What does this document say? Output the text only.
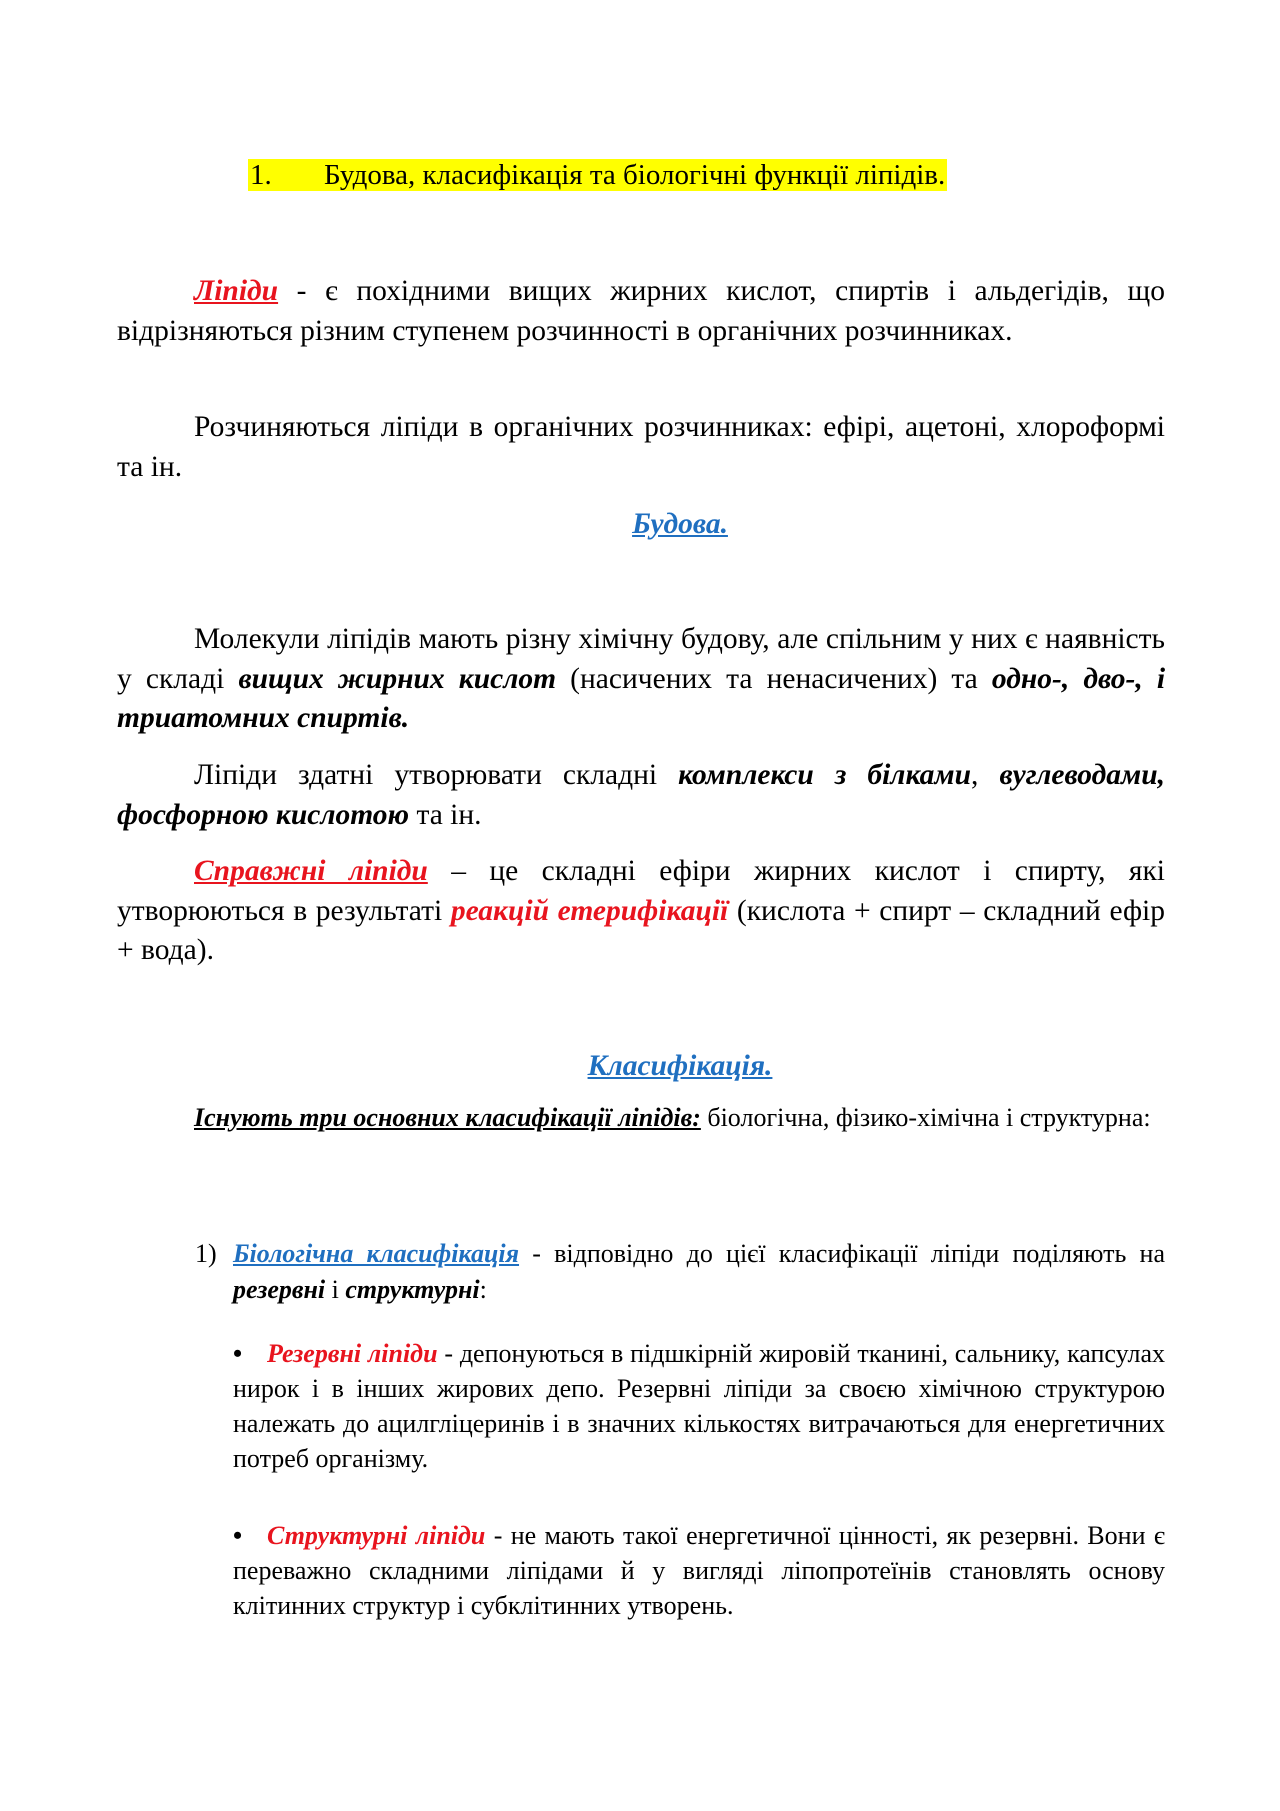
1. Будова, класифікація та біологічні функції ліпідів.
Ліпіди - є похідними вищих жирних кислот, спиртів і альдегідів, що відрізняються різним ступенем розчинності в органічних розчинниках.
Розчиняються ліпіди в органічних розчинниках: ефірі, ацетоні, хлороформі та ін.
Будова.
Молекули ліпідів мають різну хімічну будову, але спільним у них є наявність у складі вищих жирних кислот (насичених та ненасичених) та одно-, дво-, і триатомних спиртів.
Ліпіди здатні утворювати складні комплекси з білками, вуглеводами, фосфорною кислотою та ін.
Справжні ліпіди – це складні ефіри жирних кислот і спирту, які утворюються в результаті реакцій етерифікації (кислота + спирт – складний ефір + вода).
Класифікація.
Існують три основних класифікації ліпідів: біологічна, фізико-хімічна і структурна:
1) Біологічна класифікація - відповідно до цієї класифікації ліпіди поділяють на резервні і структурні:
• Резервні ліпіди - депонуються в підшкірній жировій тканині, сальнику, капсулах нирок і в інших жирових депо. Резервні ліпіди за своєю хімічною структурою належать до ацилгліцеринів і в значних кількостях витрачаються для енергетичних потреб організму.
• Структурні ліпіди - не мають такої енергетичної цінності, як резервні. Вони є переважно складними ліпідами й у вигляді ліпопротеїнів становлять основу клітинних структур і субклітинних утворень.
